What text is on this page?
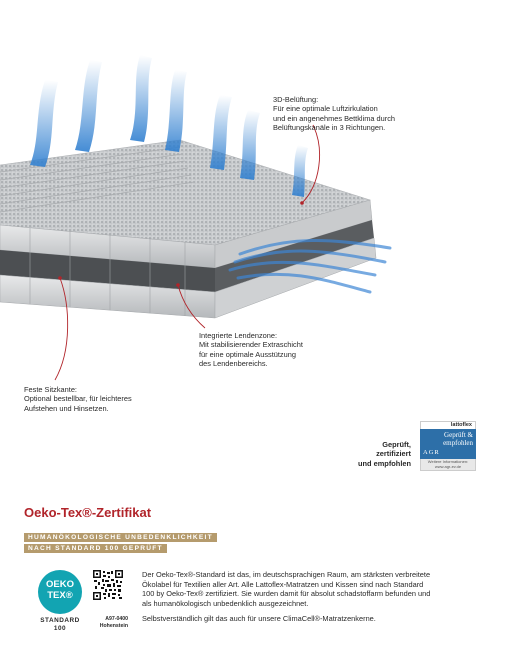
3D-Belüftung:
Für eine optimale Luftzirkulation
und ein angenehmes Bettklima durch
Belüftungskanäle in 3 Richtungen.
Integrierte Lendenzone:
Mit stabilisierender Extraschicht
für eine optimale Ausstützung
des Lendenbereichs.
Feste Sitzkante:
Optional bestellbar, für leichteres
Aufstehen und Hinsetzen.
Geprüft,
zertifiziert
und empfohlen
lattoflex
Geprüft &
empfohlen
AGR
Weitere Informationen:
www.agr-ev.de
Oeko-Tex®-Zertifikat
HUMANÖKOLOGISCHE UNBEDENKLICHKEIT
NACH STANDARD 100 GEPRÜFT
OEKO
TEX®
STANDARD
100
A97-0400
Hohenstein
Der Oeko-Tex®-Standard ist das, im deutschsprachigen Raum, am stärksten verbreitete
Ökolabel für Textilien aller Art. Alle Lattoflex-Matratzen und Kissen sind nach Standard
100 by Oeko-Tex® zertifiziert. Sie wurden damit für absolut schadstoffarm befunden und
als humanökologisch unbedenklich ausgezeichnet.
Selbstverständlich gilt das auch für unsere ClimaCell®-Matratzenkerne.
